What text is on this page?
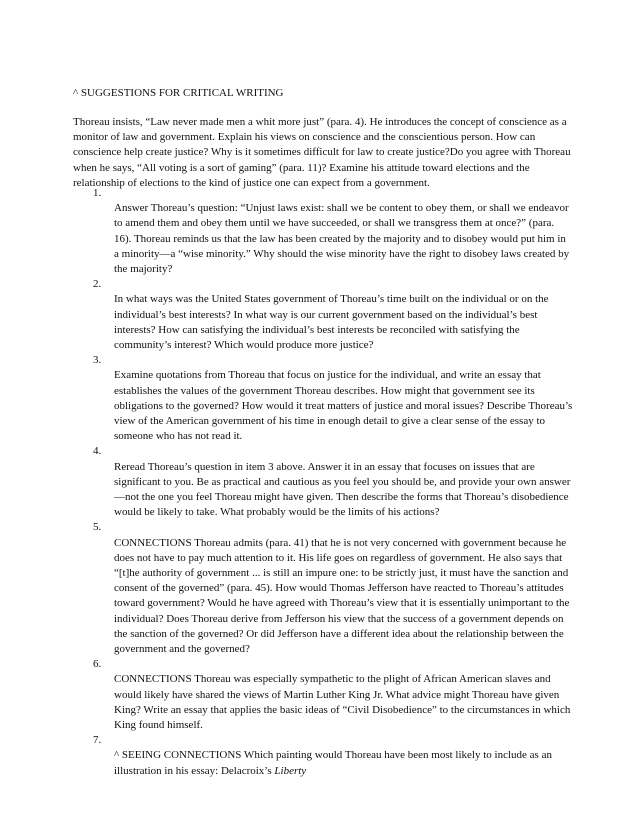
^ SUGGESTIONS FOR CRITICAL WRITING
Thoreau insists, “Law never made men a whit more just” (para. 4). He introduces the concept of conscience as a monitor of law and government. Explain his views on conscience and the conscientious person. How can conscience help create justice? Why is it sometimes difficult for law to create justice?Do you agree with Thoreau when he says, “All voting is a sort of gaming” (para. 11)? Examine his attitude toward elections and the relationship of elections to the kind of justice one can expect from a government.
1.
Answer Thoreau’s question: “Unjust laws exist: shall we be content to obey them, or shall we endeavor to amend them and obey them until we have succeeded, or shall we transgress them at once?” (para. 16). Thoreau reminds us that the law has been created by the majority and to disobey would put him in a minority—a “wise minority.” Why should the wise minority have the right to disobey laws created by the majority?
2.
In what ways was the United States government of Thoreau’s time built on the individual or on the individual’s best interests? In what way is our current government based on the individual’s best interests? How can satisfying the individual’s best interests be reconciled with satisfying the community’s interest? Which would produce more justice?
3.
Examine quotations from Thoreau that focus on justice for the individual, and write an essay that establishes the values of the government Thoreau describes. How might that government see its obligations to the governed? How would it treat matters of justice and moral issues? Describe Thoreau’s view of the American government of his time in enough detail to give a clear sense of the essay to someone who has not read it.
4.
Reread Thoreau’s question in item 3 above. Answer it in an essay that focuses on issues that are significant to you. Be as practical and cautious as you feel you should be, and provide your own answer—not the one you feel Thoreau might have given. Then describe the forms that Thoreau’s disobedience would be likely to take. What probably would be the limits of his actions?
5.
CONNECTIONS Thoreau admits (para. 41) that he is not very concerned with government because he does not have to pay much attention to it. His life goes on regardless of government. He also says that “[t]he authority of government ... is still an impure one: to be strictly just, it must have the sanction and consent of the governed” (para. 45). How would Thomas Jefferson have reacted to Thoreau’s attitudes toward government? Would he have agreed with Thoreau’s view that it is essentially unimportant to the individual? Does Thoreau derive from Jefferson his view that the success of a government depends on the sanction of the governed? Or did Jefferson have a different idea about the relationship between the government and the governed?
6.
CONNECTIONS Thoreau was especially sympathetic to the plight of African American slaves and would likely have shared the views of Martin Luther King Jr. What advice might Thoreau have given King? Write an essay that applies the basic ideas of “Civil Disobedience” to the circumstances in which King found himself.
7.
^ SEEING CONNECTIONS Which painting would Thoreau have been most likely to include as an illustration in his essay: Delacroix’s Liberty
